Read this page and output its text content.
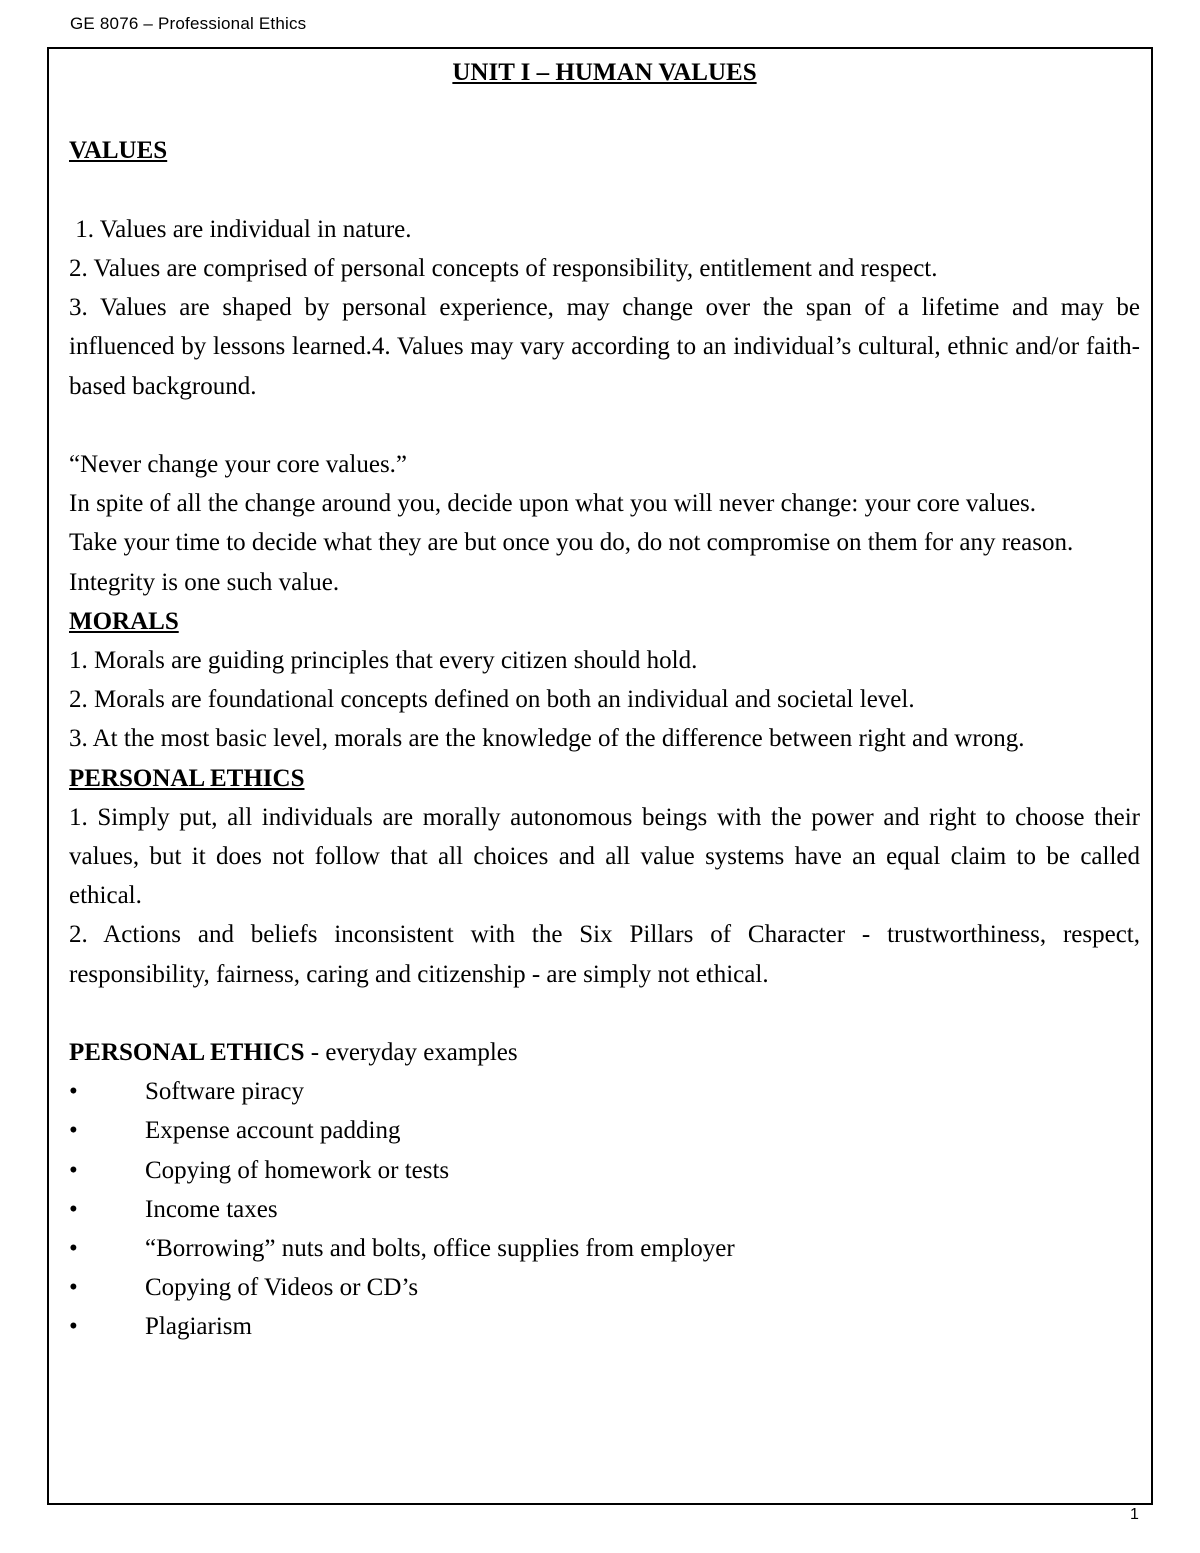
GE 8076 – Professional Ethics
UNIT I – HUMAN VALUES
VALUES
1. Values are individual in nature.
2. Values are comprised of personal concepts of responsibility, entitlement and respect.
3. Values are shaped by personal experience, may change over the span of a lifetime and may be influenced by lessons learned.4. Values may vary according to an individual’s cultural, ethnic and/or faith-based background.
“Never change your core values.”
In spite of all the change around you, decide upon what you will never change: your core values.
Take your time to decide what they are but once you do, do not compromise on them for any reason.
Integrity is one such value.
MORALS
1. Morals are guiding principles that every citizen should hold.
2. Morals are foundational concepts defined on both an individual and societal level.
3. At the most basic level, morals are the knowledge of the difference between right and wrong.
PERSONAL ETHICS
1. Simply put, all individuals are morally autonomous beings with the power and right to choose their values, but it does not follow that all choices and all value systems have an equal claim to be called ethical.
2. Actions and beliefs inconsistent with the Six Pillars of Character - trustworthiness, respect, responsibility, fairness, caring and citizenship - are simply not ethical.
PERSONAL ETHICS - everyday examples
•	Software piracy
•	Expense account padding
•	Copying of homework or tests
•	Income taxes
•	“Borrowing” nuts and bolts, office supplies from employer
•	Copying of Videos or CD’s
•	Plagiarism
1
